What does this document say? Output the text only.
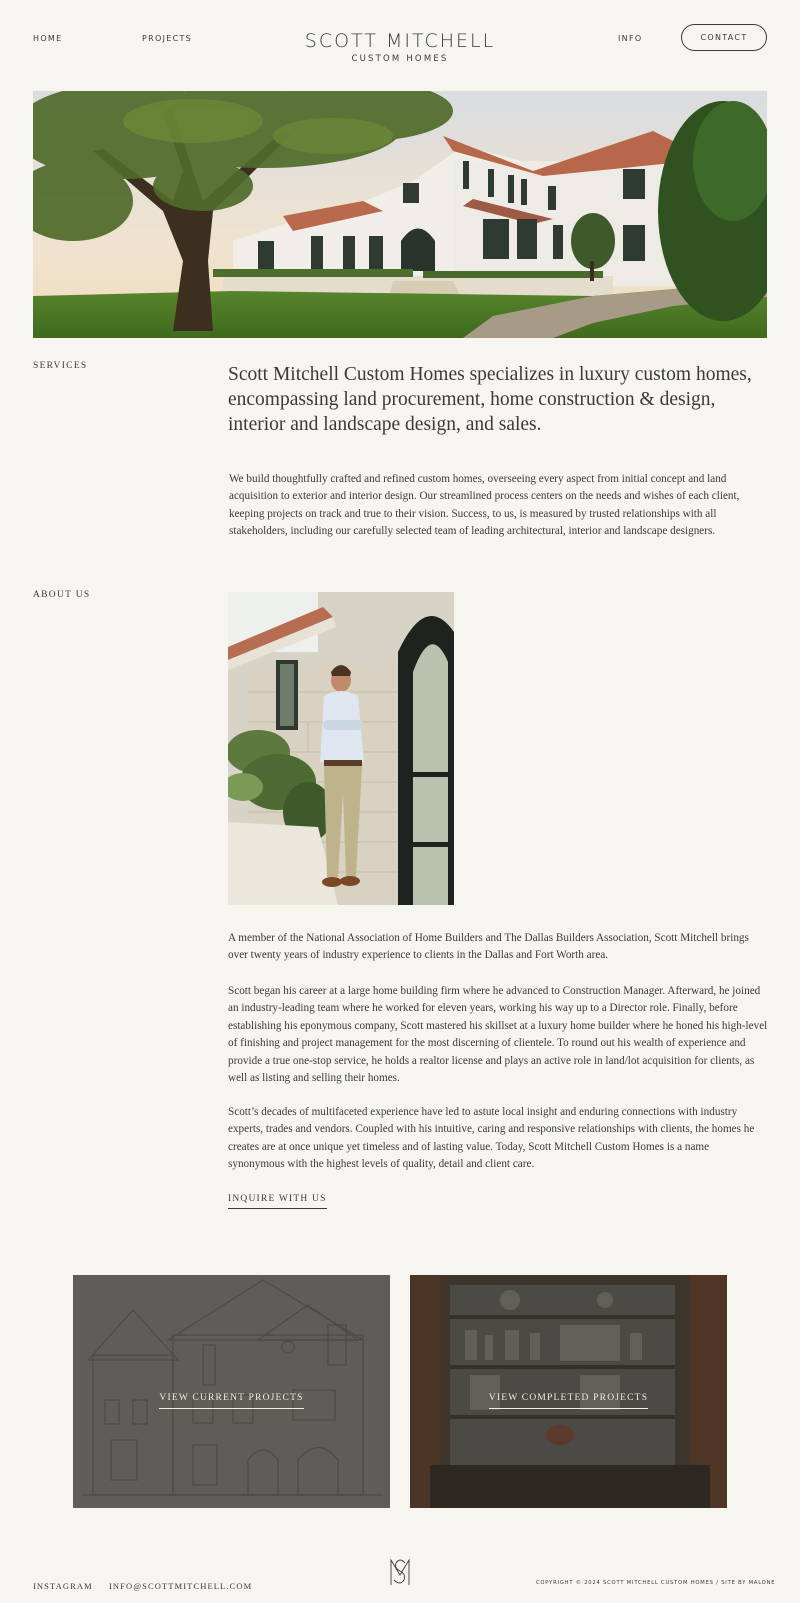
HOME	PROJECTS	SCOTT MITCHELL
CUSTOM HOMES
INFO	CONTACT
SERVICES	Scott Mitchell Custom Homes specializes in luxury custom homes, encompassing land procurement, home construction & design, interior and landscape design, and sales.
We build thoughtfully crafted and refined custom homes, overseeing every aspect from initial concept and land acquisition to exterior and interior design. Our streamlined process centers on the needs and wishes of each client, keeping projects on track and true to their vision. Success, to us, is measured by trusted relationships with all stakeholders, including our carefully selected team of leading architectural, interior and landscape designers.
ABOUT US
A member of the National Association of Home Builders and The Dallas Builders Association, Scott Mitchell brings over twenty years of industry experience to clients in the Dallas and Fort Worth area.
Scott began his career at a large home building firm where he advanced to Construction Manager. Afterward, he joined an industry-leading team where he worked for eleven years, working his way up to a Director role. Finally, before establishing his eponymous company, Scott mastered his skillset at a luxury home builder where he honed his high-level of finishing and project management for the most discerning of clientele. To round out his wealth of experience and provide a true one-stop service, he holds a realtor license and plays an active role in land/lot acquisition for clients, as well as listing and selling their homes.
Scott’s decades of multifaceted experience have led to astute local insight and enduring connections with industry experts, trades and vendors. Coupled with his intuitive, caring and responsive relationships with clients, the homes he creates are at once unique yet timeless and of lasting value. Today, Scott Mitchell Custom Homes is a name synonymous with the highest levels of quality, detail and client care.
INQUIRE WITH US
VIEW CURRENT PROJECTS	VIEW COMPLETED PROJECTS
INSTAGRAM INFO@SCOTTMITCHELL.COM	COPYRIGHT © 2024 SCOTT MITCHELL CUSTOM HOMES / SITE BY MALONE
